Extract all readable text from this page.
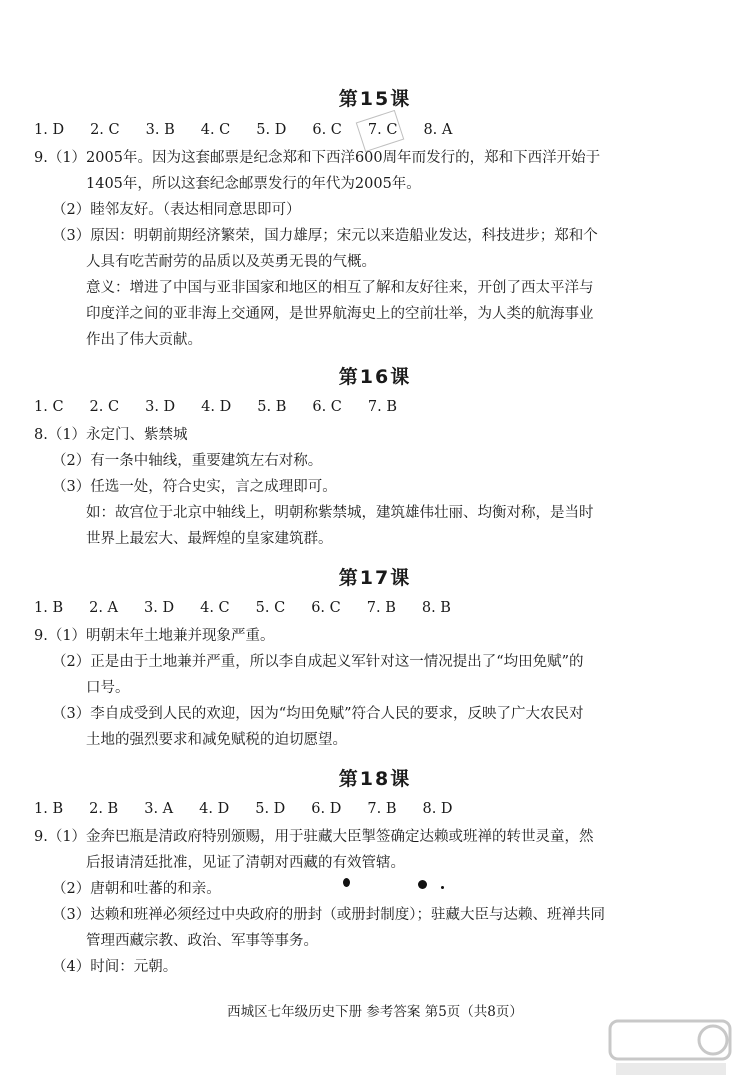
第15课
1. D 2. C 3. B 4. C 5. D 6. C 7. C 8. A
9.（1）2005年。因为这套邮票是纪念郑和下西洋600周年而发行的，郑和下西洋开始于
1405年，所以这套纪念邮票发行的年代为2005年。
（2）睦邻友好。（表达相同意思即可）
（3）原因：明朝前期经济繁荣，国力雄厚；宋元以来造船业发达，科技进步；郑和个
人具有吃苦耐劳的品质以及英勇无畏的气概。
意义：增进了中国与亚非国家和地区的相互了解和友好往来，开创了西太平洋与
印度洋之间的亚非海上交通网，是世界航海史上的空前壮举，为人类的航海事业
作出了伟大贡献。
第16课
1. C 2. C 3. D 4. D 5. B 6. C 7. B
8.（1）永定门、紫禁城
（2）有一条中轴线，重要建筑左右对称。
（3）任选一处，符合史实，言之成理即可。
如：故宫位于北京中轴线上，明朝称紫禁城，建筑雄伟壮丽、均衡对称，是当时
世界上最宏大、最辉煌的皇家建筑群。
第17课
1. B 2. A 3. D 4. C 5. C 6. C 7. B 8. B
9.（1）明朝末年土地兼并现象严重。
（2）正是由于土地兼并严重，所以李自成起义军针对这一情况提出了“均田免赋”的
口号。
（3）李自成受到人民的欢迎，因为“均田免赋”符合人民的要求，反映了广大农民对
土地的强烈要求和减免赋税的迫切愿望。
第18课
1. B 2. B 3. A 4. D 5. D 6. D 7. B 8. D
9.（1）金奔巴瓶是清政府特别颁赐，用于驻藏大臣掣签确定达赖或班禅的转世灵童，然
后报请清廷批准，见证了清朝对西藏的有效管辖。
（2）唐朝和吐蕃的和亲。
（3）达赖和班禅必须经过中央政府的册封（或册封制度）；驻藏大臣与达赖、班禅共同
管理西藏宗教、政治、军事等事务。
（4）时间：元朝。
西城区七年级历史下册 参考答案 第5页（共8页）
